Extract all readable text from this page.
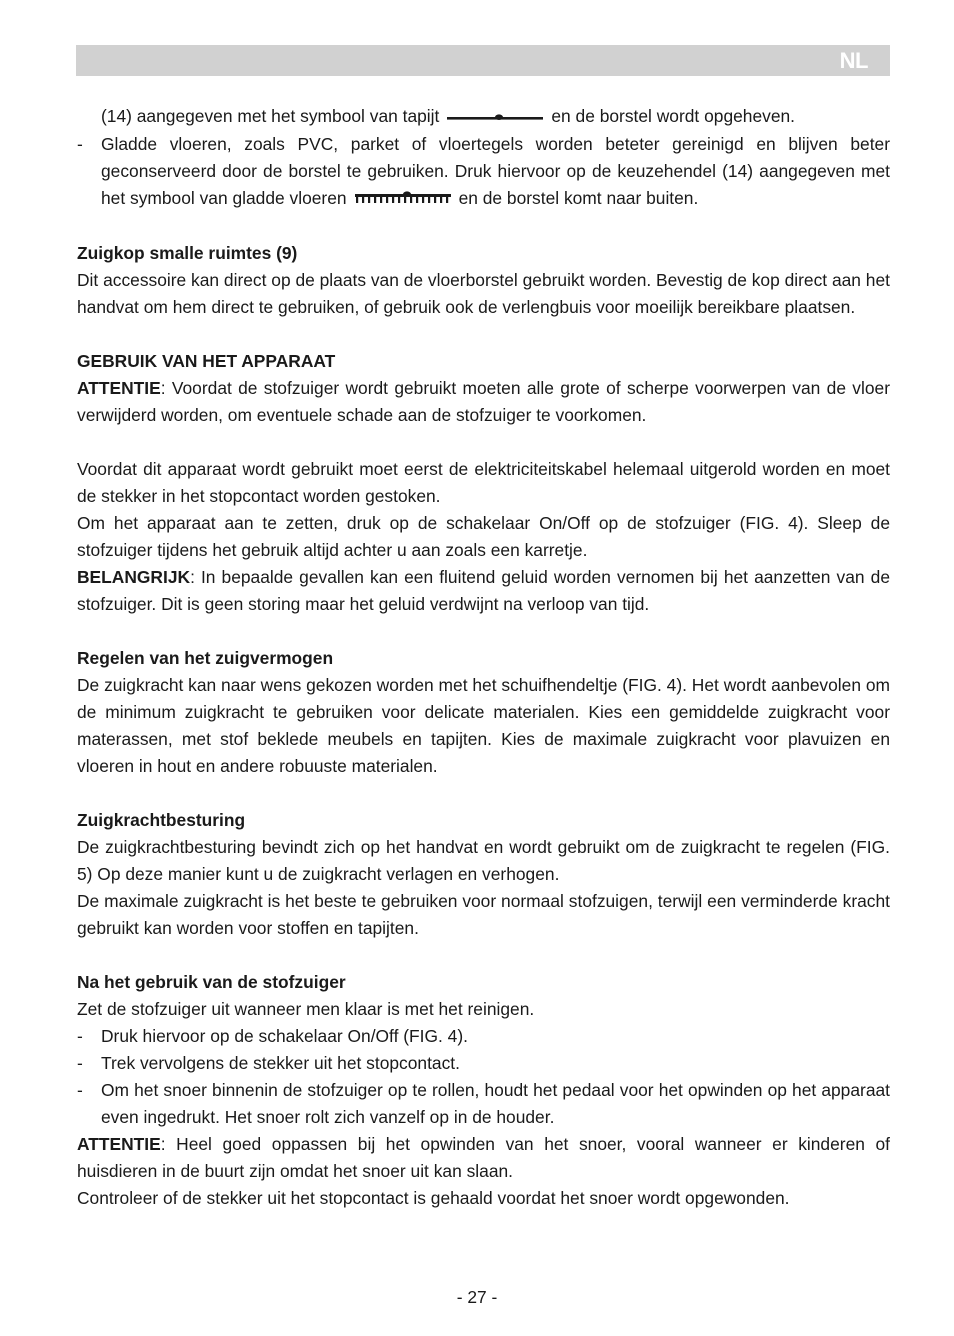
NL

(14) aangegeven met het symbool van tapijt	en de borstel wordt opgeheven.

- Gladde vloeren, zoals PVC, parket of vloertegels worden beteter gereinigd en blijven beter geconserveerd door de borstel te gebruiken. Druk hiervoor op de keuzehendel (14) aangegeven met het symbool van gladde vloeren	en de borstel komt naar buiten.

Zuigkop smalle ruimtes (9)

Dit accessoire kan direct op de plaats van de vloerborstel gebruikt worden. Bevestig de kop direct aan het handvat om hem direct te gebruiken, of gebruik ook de verlengbuis voor moeilijk bereikbare plaatsen.

GEBRUIK VAN HET APPARAAT

ATTENTIE: Voordat de stofzuiger wordt gebruikt moeten alle grote of scherpe voorwerpen van de vloer verwijderd worden, om eventuele schade aan de stofzuiger te voorkomen.

Voordat dit apparaat wordt gebruikt moet eerst de elektriciteitskabel helemaal uitgerold worden en moet de stekker in het stopcontact worden gestoken.

Om het apparaat aan te zetten, druk op de schakelaar On/Off op de stofzuiger (FIG. 4). Sleep de stofzuiger tijdens het gebruik altijd achter u aan zoals een karretje.

BELANGRIJK: In bepaalde gevallen kan een fluitend geluid worden vernomen bij het aanzetten van de stofzuiger. Dit is geen storing maar het geluid verdwijnt na verloop van tijd.

Regelen van het zuigvermogen

De zuigkracht kan naar wens gekozen worden met het schuifhendeltje (FIG. 4). Het wordt aanbevolen om de minimum zuigkracht te gebruiken voor delicate materialen. Kies een gemiddelde zuigkracht voor materassen, met stof beklede meubels en tapijten. Kies de maximale zuigkracht voor plavuizen en vloeren in hout en andere robuuste materialen.

Zuigkrachtbesturing

De zuigkrachtbesturing bevindt zich op het handvat en wordt gebruikt om de zuigkracht te regelen (FIG. 5) Op deze manier kunt u de zuigkracht verlagen en verhogen.

De maximale zuigkracht is het beste te gebruiken voor normaal stofzuigen, terwijl een verminderde kracht gebruikt kan worden voor stoffen en tapijten.

Na het gebruik van de stofzuiger

Zet de stofzuiger uit wanneer men klaar is met het reinigen.

- Druk hiervoor op de schakelaar On/Off (FIG. 4).
- Trek vervolgens de stekker uit het stopcontact.
- Om het snoer binnenin de stofzuiger op te rollen, houdt het pedaal voor het opwinden op het apparaat even ingedrukt. Het snoer rolt zich vanzelf op in de houder.

ATTENTIE: Heel goed oppassen bij het opwinden van het snoer, vooral wanneer er kinderen of huisdieren in de buurt zijn omdat het snoer uit kan slaan.

Controleer of de stekker uit het stopcontact is gehaald voordat het snoer wordt opgewonden.

- 27 -
